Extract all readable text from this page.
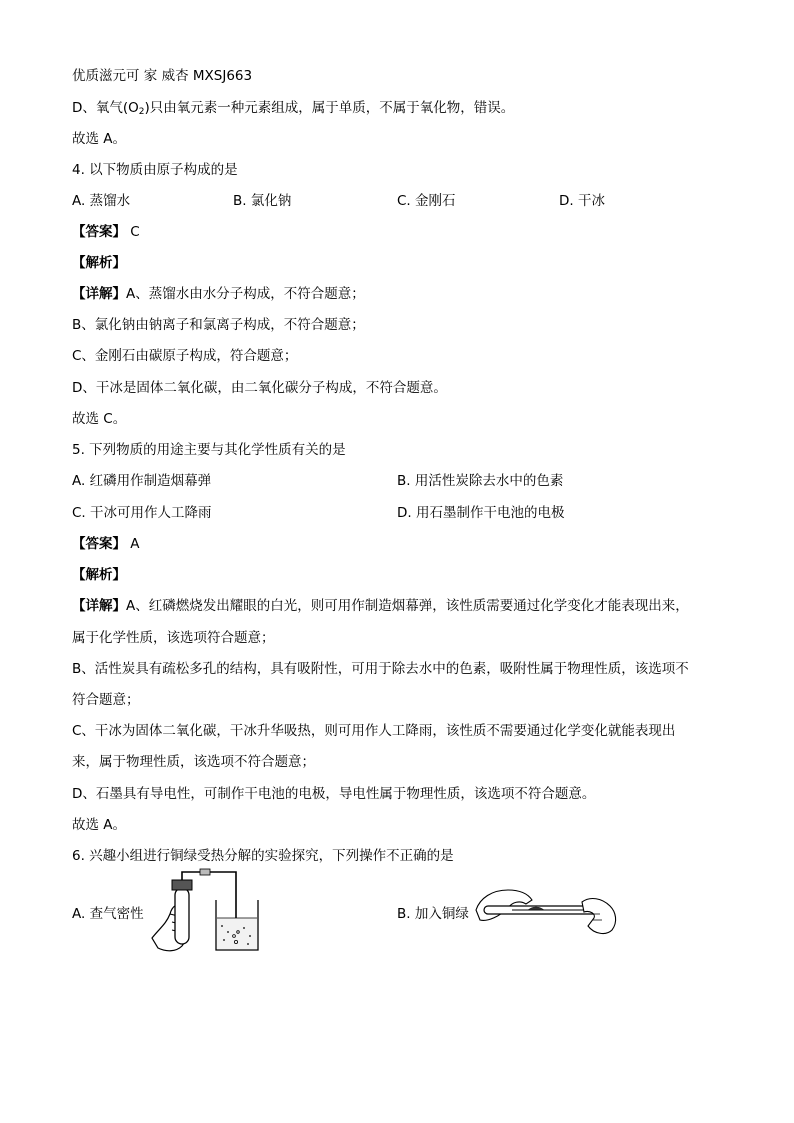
优质滋元可 家 威杏 MXSJ663
D、氧气$(O_2)$只由氧元素一种元素组成，属于单质，不属于氧化物，错误。
故选 A。
4. 以下物质由原子构成的是
A. 蒸馏水	B. 氯化钠	C. 金刚石	D. 干冰
【答案】 C
【解析】
【详解】A、蒸馏水由水分子构成，不符合题意；
B、氯化钠由钠离子和氯离子构成，不符合题意；
C、金刚石由碳原子构成，符合题意；
D、干冰是固体二氧化碳，由二氧化碳分子构成，不符合题意。
故选 C。
5. 下列物质的用途主要与其化学性质有关的是
A. 红磷用作制造烟幕弹	B. 用活性炭除去水中的色素
C. 干冰可用作人工降雨	D. 用石墨制作干电池的电极
【答案】 A
【解析】
【详解】A、红磷燃烧发出耀眼的白光，则可用作制造烟幕弹，该性质需要通过化学变化才能表现出来，
属于化学性质，该选项符合题意；
B、活性炭具有疏松多孔的结构，具有吸附性，可用于除去水中的色素，吸附性属于物理性质，该选项不
符合题意；
C、干冰为固体二氧化碳，干冰升华吸热，则可用作人工降雨，该性质不需要通过化学变化就能表现出
来，属于物理性质，该选项不符合题意；
D、石墨具有导电性，可制作干电池的电极，导电性属于物理性质，该选项不符合题意。
故选 A。
6. 兴趣小组进行铜绿受热分解的实验探究，下列操作不正确的是
A. 查气密性	B. 加入铜绿
